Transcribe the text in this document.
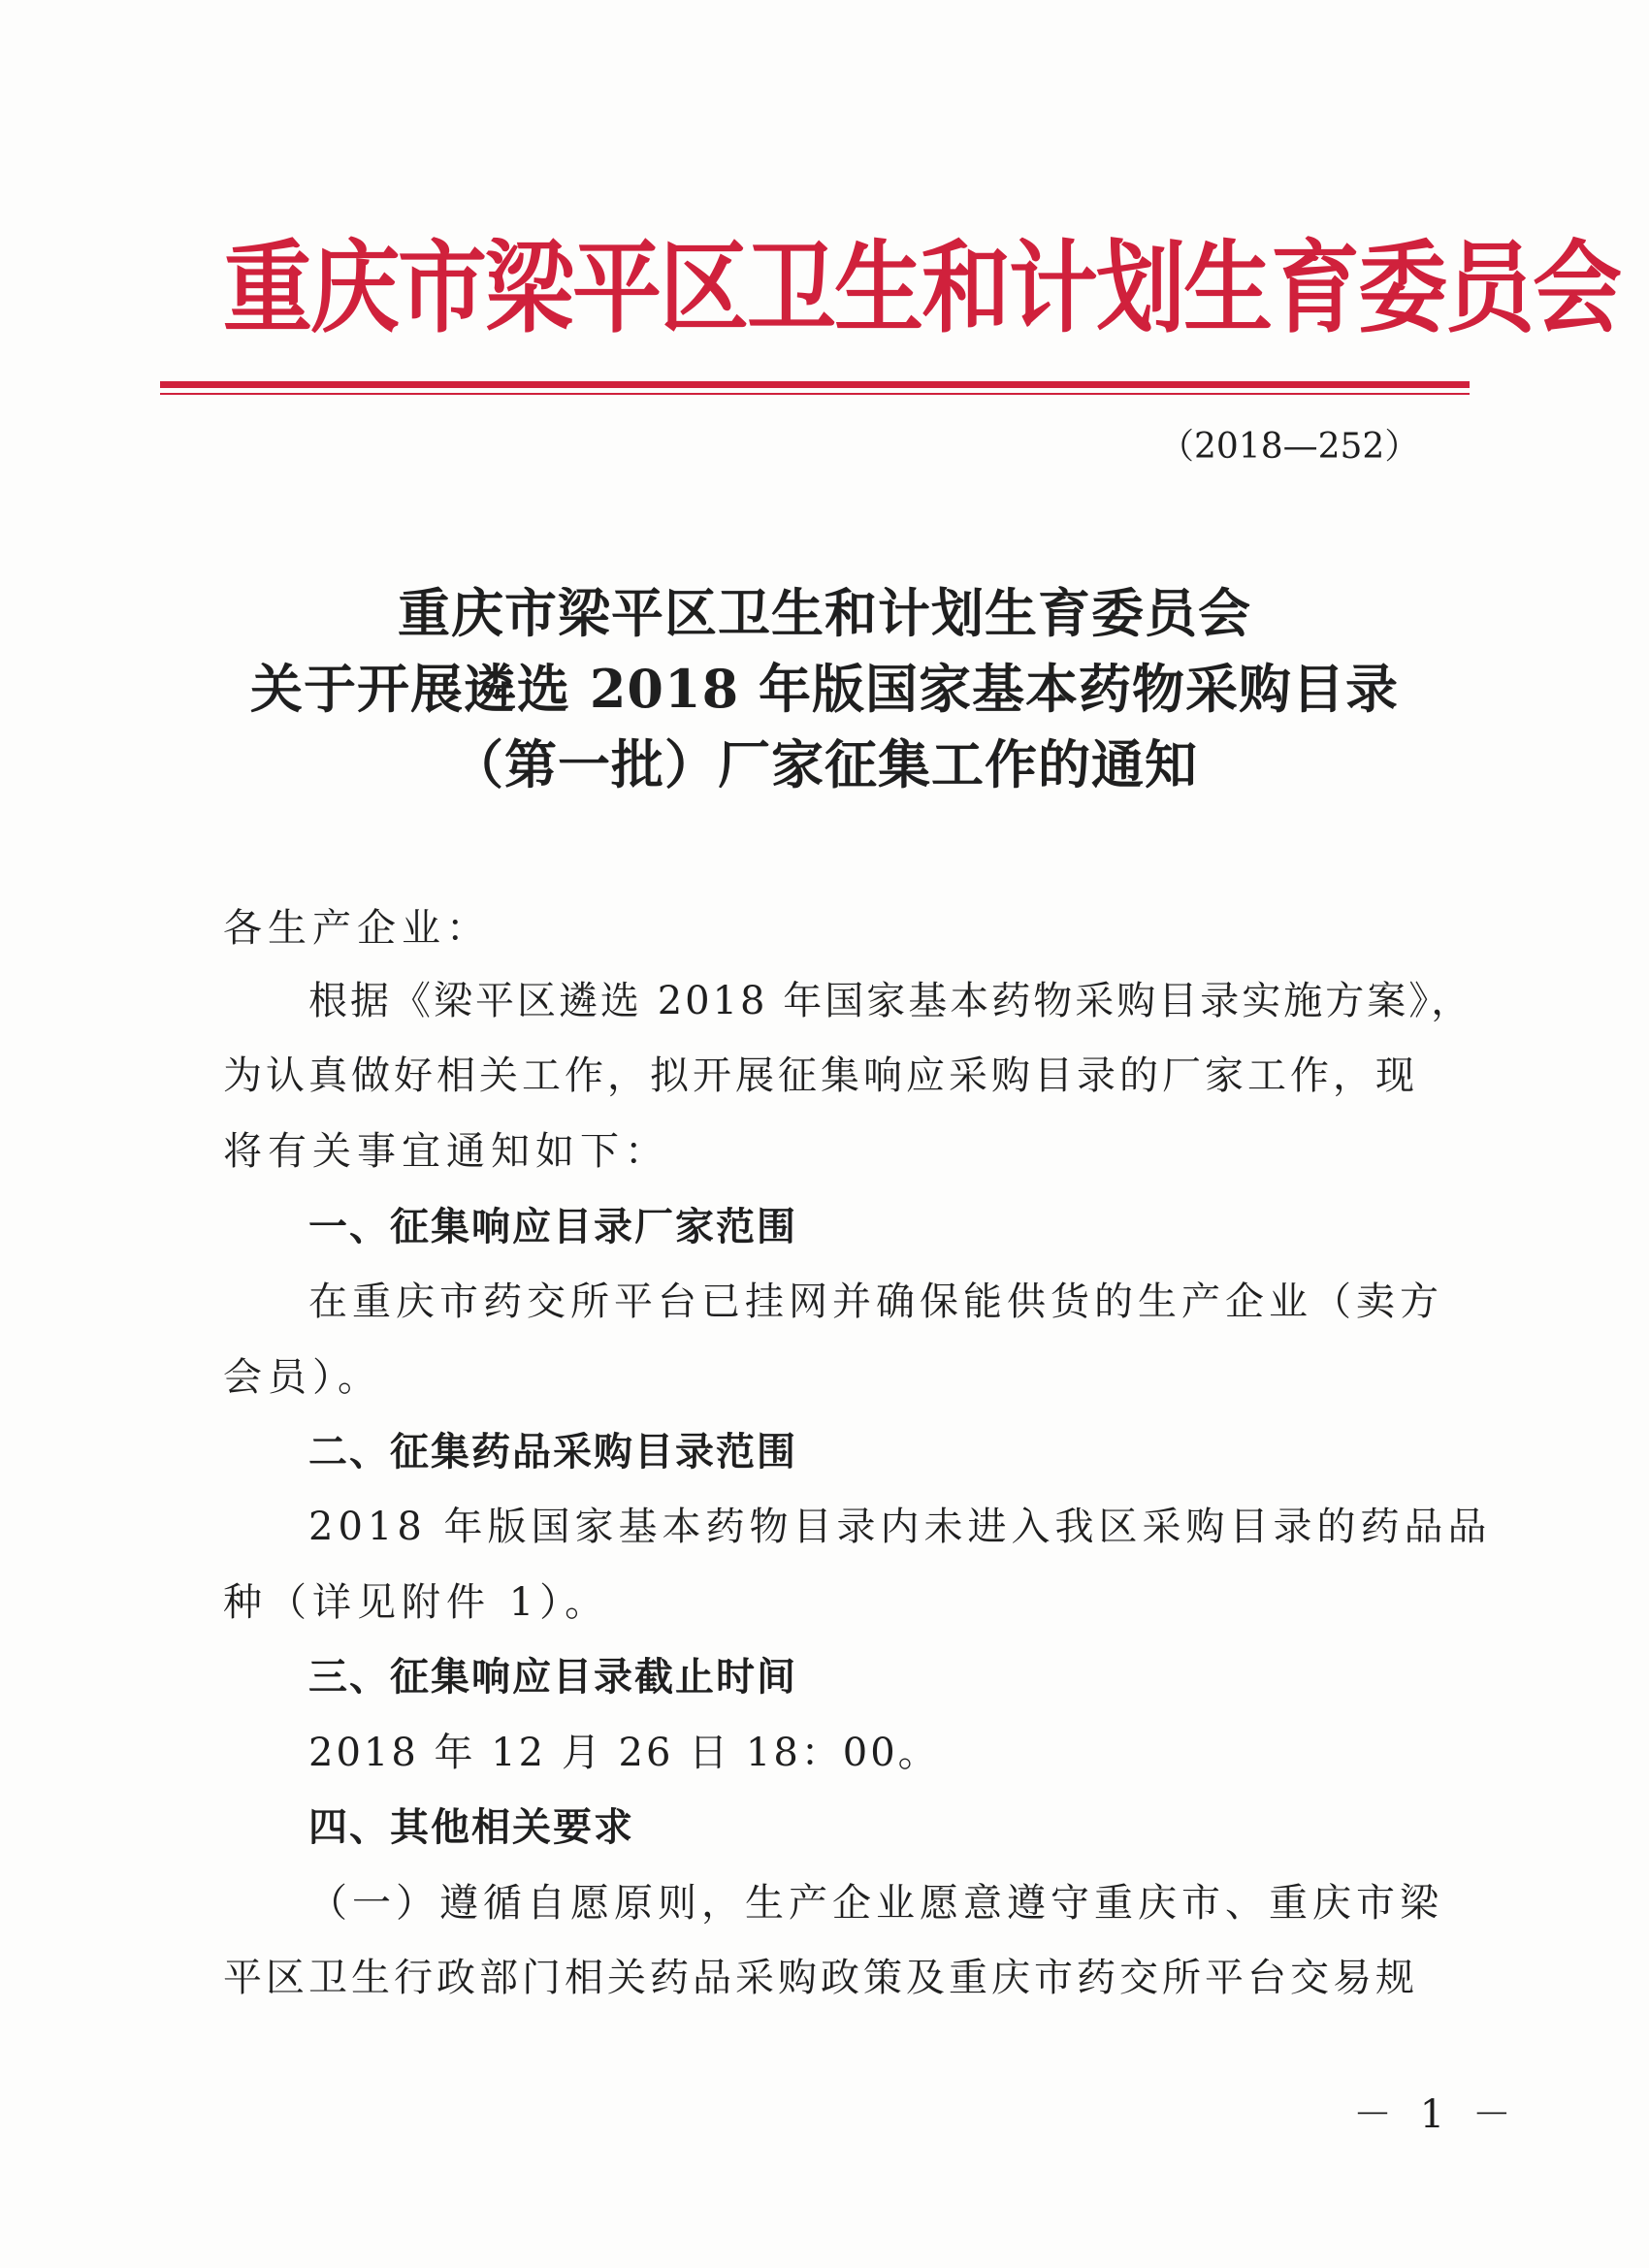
重庆市梁平区卫生和计划生育委员会
（2018—252）
重庆市梁平区卫生和计划生育委员会
关于开展遴选 2018 年版国家基本药物采购目录
（第一批）厂家征集工作的通知
各生产企业：
根据《梁平区遴选 2018 年国家基本药物采购目录实施方案》，
为认真做好相关工作，拟开展征集响应采购目录的厂家工作，现
将有关事宜通知如下：
一、征集响应目录厂家范围
在重庆市药交所平台已挂网并确保能供货的生产企业（卖方
会员）。
二、征集药品采购目录范围
2018 年版国家基本药物目录内未进入我区采购目录的药品品
种（详见附件 1）。
三、征集响应目录截止时间
2018 年 12 月 26 日 18：00。
四、其他相关要求
（一）遵循自愿原则，生产企业愿意遵守重庆市、重庆市梁
平区卫生行政部门相关药品采购政策及重庆市药交所平台交易规
－ 1 －
